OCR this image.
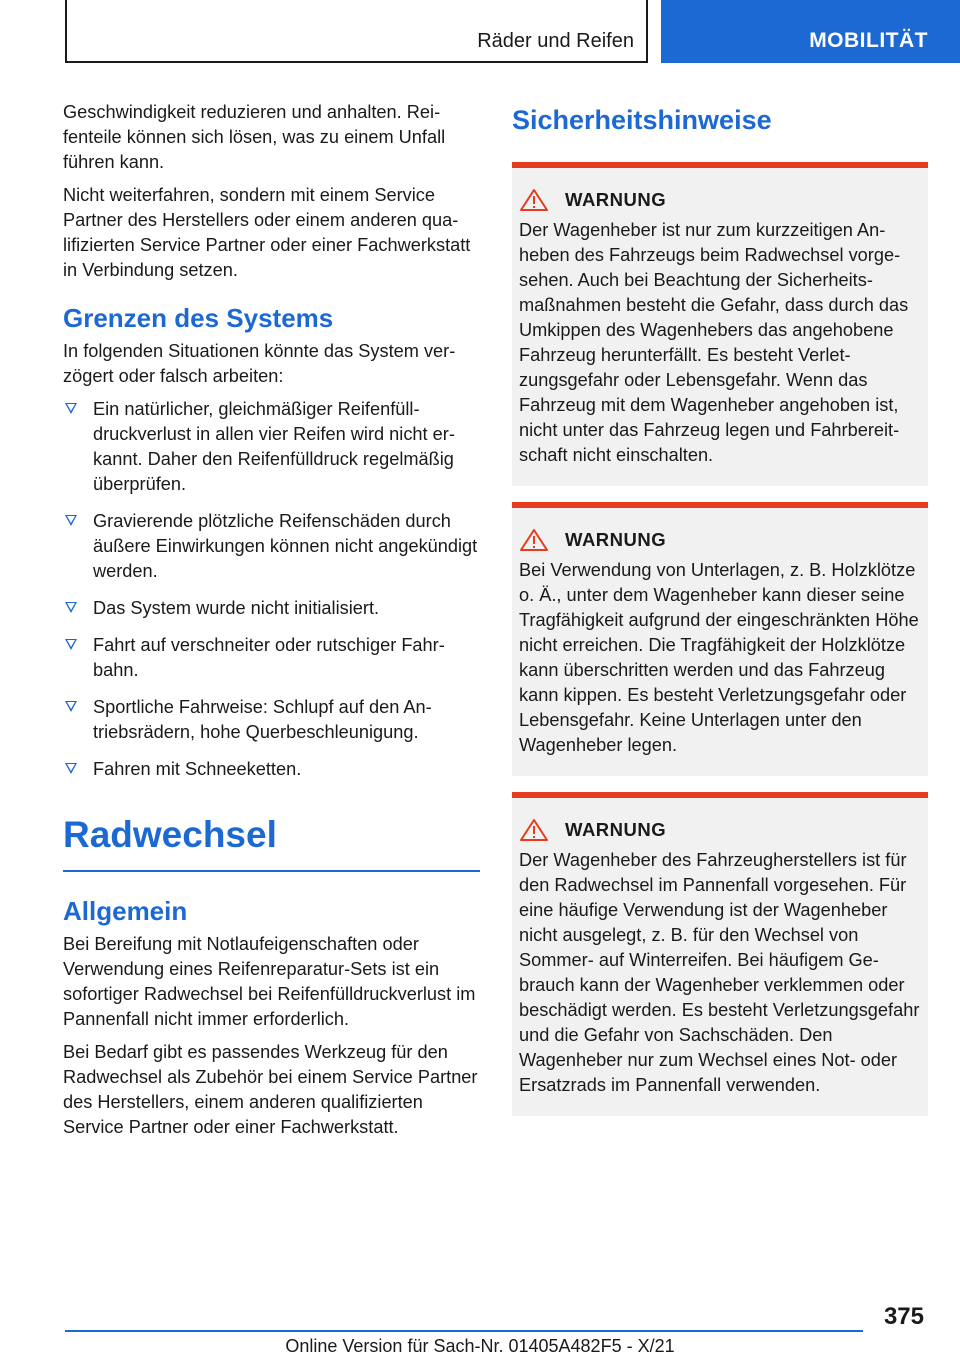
Räder und Reifen	MOBILITÄT

Geschwindigkeit reduzieren und anhalten. Reifenteile können sich lösen, was zu einem Unfall führen kann.

Nicht weiterfahren, sondern mit einem Service Partner des Herstellers oder einem anderen qualifizierten Service Partner oder einer Fachwerkstatt in Verbindung setzen.

Grenzen des Systems

In folgenden Situationen könnte das System verzögert oder falsch arbeiten:

Ein natürlicher, gleichmäßiger Reifenfülldruckverlust in allen vier Reifen wird nicht erkannt. Daher den Reifenfülldruck regelmäßig überprüfen.
Gravierende plötzliche Reifenschäden durch äußere Einwirkungen können nicht angekündigt werden.
Das System wurde nicht initialisiert.
Fahrt auf verschneiter oder rutschiger Fahrbahn.
Sportliche Fahrweise: Schlupf auf den Antriebsrädern, hohe Querbeschleunigung.
Fahren mit Schneeketten.
Radwechsel
Allgemein

Bei Bereifung mit Notlaufeigenschaften oder Verwendung eines Reifenreparatur-Sets ist ein sofortiger Radwechsel bei Reifenfülldruckverlust im Pannenfall nicht immer erforderlich.

Bei Bedarf gibt es passendes Werkzeug für den Radwechsel als Zubehör bei einem Service Partner des Herstellers, einem anderen qualifizierten Service Partner oder einer Fachwerkstatt.

Sicherheitshinweise
WARNUNG

Der Wagenheber ist nur zum kurzzeitigen Anheben des Fahrzeugs beim Radwechsel vorgesehen. Auch bei Beachtung der Sicherheitsmaßnahmen besteht die Gefahr, dass durch das Umkippen des Wagenhebers das angehobene Fahrzeug herunterfällt. Es besteht Verletzungsgefahr oder Lebensgefahr. Wenn das Fahrzeug mit dem Wagenheber angehoben ist, nicht unter das Fahrzeug legen und Fahrbereitschaft nicht einschalten.

WARNUNG

Bei Verwendung von Unterlagen, z. B. Holzklötze o. Ä., unter dem Wagenheber kann dieser seine Tragfähigkeit aufgrund der eingeschränkten Höhe nicht erreichen. Die Tragfähigkeit der Holzklötze kann überschritten werden und das Fahrzeug kann kippen. Es besteht Verletzungsgefahr oder Lebensgefahr. Keine Unterlagen unter den Wagenheber legen.

WARNUNG

Der Wagenheber des Fahrzeugherstellers ist für den Radwechsel im Pannenfall vorgesehen. Für eine häufige Verwendung ist der Wagenheber nicht ausgelegt, z. B. für den Wechsel von Sommer- auf Winterreifen. Bei häufigem Gebrauch kann der Wagenheber verklemmen oder beschädigt werden. Es besteht Verletzungsgefahr und die Gefahr von Sachschäden. Den Wagenheber nur zum Wechsel eines Not- oder Ersatzrads im Pannenfall verwenden.

375
Online Version für Sach-Nr. 01405A482F5 - X/21
